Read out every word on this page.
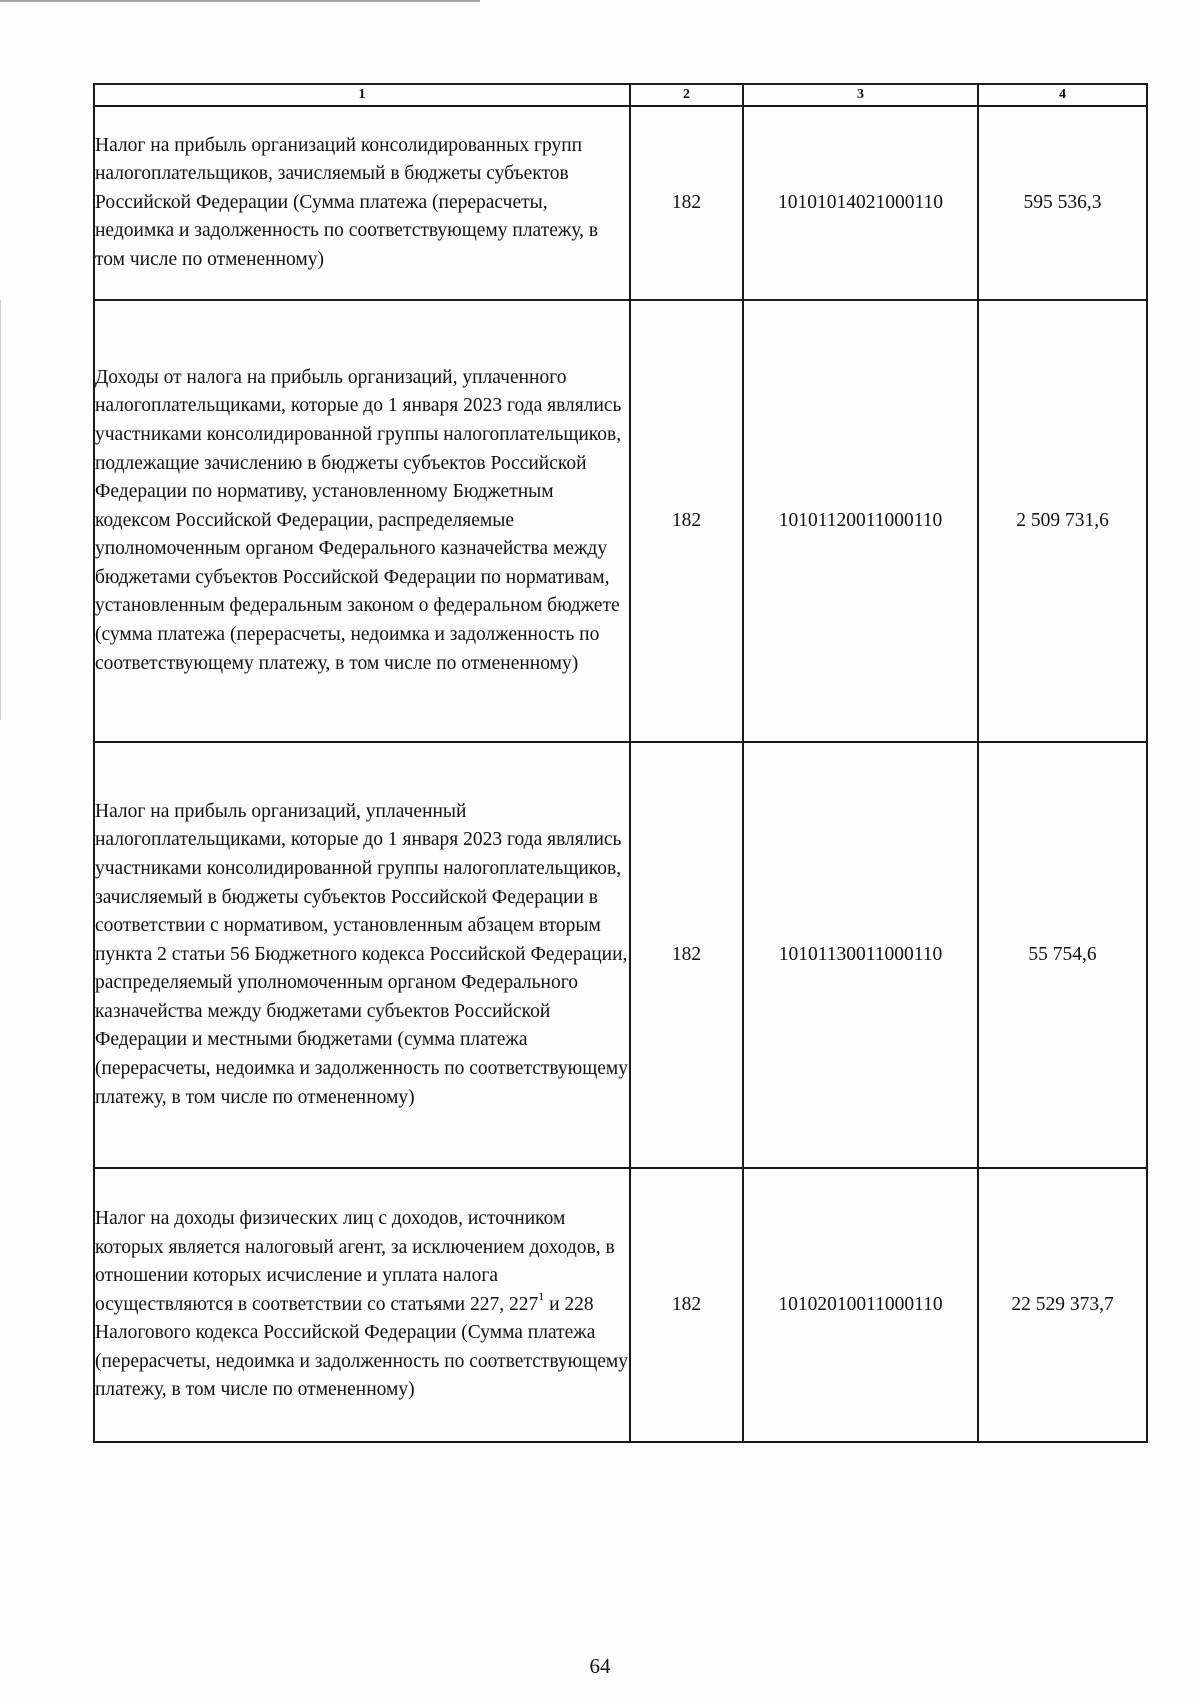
1	2	3	4
Налог на прибыль организаций консолидированных групп налогоплательщиков, зачисляемый в бюджеты субъектов Российской Федерации (Сумма платежа (перерасчеты, недоимка и задолженность по соответствующему платежу, в том числе по отмененному)	182	10101014021000110	595 536,3
Доходы от налога на прибыль организаций, уплаченного налогоплательщиками, которые до 1 января 2023 года являлись участниками консолидированной группы налогоплательщиков, подлежащие зачислению в бюджеты субъектов Российской Федерации по нормативу, установленному Бюджетным кодексом Российской Федерации, распределяемые уполномоченным органом Федерального казначейства между бюджетами субъектов Российской Федерации по нормативам, установленным федеральным законом о федеральном бюджете (сумма платежа (перерасчеты, недоимка и задолженность по соответствующему платежу, в том числе по отмененному)	182	10101120011000110	2 509 731,6
Налог на прибыль организаций, уплаченный налогоплательщиками, которые до 1 января 2023 года являлись участниками консолидированной группы налогоплательщиков, зачисляемый в бюджеты субъектов Российской Федерации в соответствии с нормативом, установленным абзацем вторым пункта 2 статьи 56 Бюджетного кодекса Российской Федерации, распределяемый уполномоченным органом Федерального казначейства между бюджетами субъектов Российской Федерации и местными бюджетами (сумма платежа (перерасчеты, недоимка и задолженность по соответствующему платежу, в том числе по отмененному)	182	10101130011000110	55 754,6
Налог на доходы физических лиц с доходов, источником которых является налоговый агент, за исключением доходов, в отношении которых исчисление и уплата налога осуществляются в соответствии со статьями 227, $227^1$ и 228 Налогового кодекса Российской Федерации (Сумма платежа (перерасчеты, недоимка и задолженность по соответствующему платежу, в том числе по отмененному)	182	10102010011000110	22 529 373,7
64
